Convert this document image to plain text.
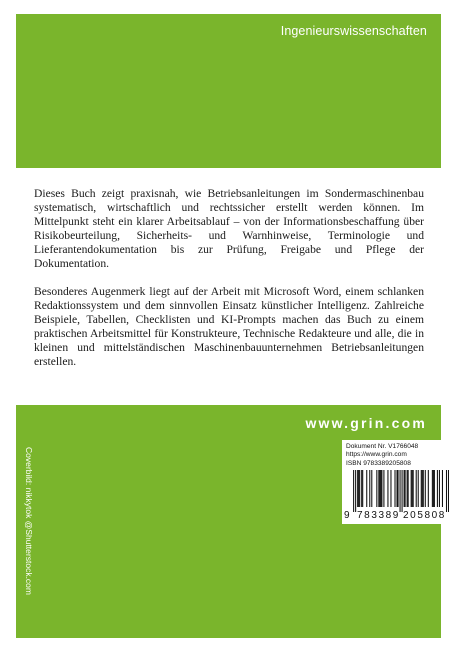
Ingenieurswissenschaften

Dieses Buch zeigt praxisnah, wie Betriebsanleitungen im Sondermaschinenbau systematisch, wirtschaftlich und rechtssicher erstellt werden können. Im Mittelpunkt steht ein klarer Arbeitsablauf – von der Informationsbeschaffung über Risikobeurteilung, Sicherheits- und Warnhinweise, Terminologie und Lieferantendokumentation bis zur Prüfung, Freigabe und Pflege der Dokumentation.

Besonderes Augenmerk liegt auf der Arbeit mit Microsoft Word, einem schlanken Redaktionssystem und dem sinnvollen Einsatz künstlicher Intelligenz. Zahlreiche Beispiele, Tabellen, Checklisten und KI-Prompts machen das Buch zu einem praktischen Arbeitsmittel für Konstrukteure, Technische Redakteure und alle, die in kleinen und mittelständischen Maschinenbauunternehmen Betriebsanleitungen erstellen.

www.grin.com
Coverbild: nikkytok @Shutterstock.com
Dokument Nr. V1766048
https://www.grin.com
ISBN 9783389205808
9 783389 205808
